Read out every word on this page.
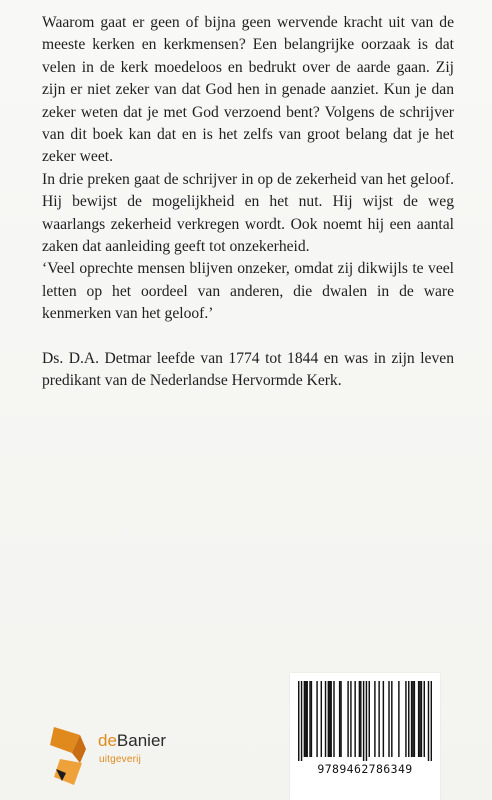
Waarom gaat er geen of bijna geen wervende kracht uit van de meeste kerken en kerkmensen? Een belangrijke oorzaak is dat velen in de kerk moedeloos en bedrukt over de aarde gaan. Zij zijn er niet zeker van dat God hen in genade aanziet. Kun je dan zeker weten dat je met God verzoend bent? Volgens de schrijver van dit boek kan dat en is het zelfs van groot belang dat je het zeker weet.

In drie preken gaat de schrijver in op de zekerheid van het geloof. Hij bewijst de mogelijkheid en het nut. Hij wijst de weg waarlangs zekerheid verkregen wordt. Ook noemt hij een aantal zaken dat aanleiding geeft tot onzekerheid.

‘Veel oprechte mensen blijven onzeker, omdat zij dikwijls te veel letten op het oordeel van anderen, die dwalen in de ware kenmerken van het geloof.’

Ds. D.A. Detmar leefde van 1774 tot 1844 en was in zijn leven predikant van de Nederlandse Hervormde Kerk.

deBanier
uitgeverij
9789462786349
